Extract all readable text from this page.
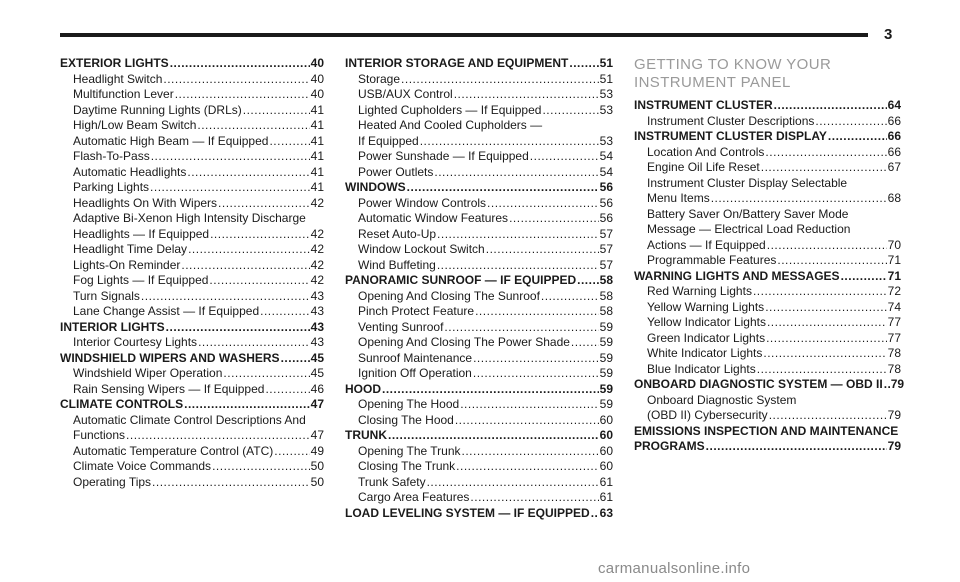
3
EXTERIOR LIGHTS .....	40
Headlight Switch .....	40
Multifunction Lever .....	40
Daytime Running Lights (DRLs) .....	41
High/Low Beam Switch .....	41
Automatic High Beam — If Equipped .....	41
Flash-To-Pass .....	41
Automatic Headlights .....	41
Parking Lights .....	41
Headlights On With Wipers .....	42
Adaptive Bi-Xenon High Intensity Discharge
Headlights — If Equipped .....	42
Headlight Time Delay .....	42
Lights-On Reminder .....	42
Fog Lights — If Equipped .....	42
Turn Signals .....	43
Lane Change Assist — If Equipped .....	43
INTERIOR LIGHTS .....	43
Interior Courtesy Lights .....	43
WINDSHIELD WIPERS AND WASHERS .....	45
Windshield Wiper Operation .....	45
Rain Sensing Wipers — If Equipped .....	46
CLIMATE CONTROLS .....	47
Automatic Climate Control Descriptions And
Functions .....	47
Automatic Temperature Control (ATC) .....	49
Climate Voice Commands .....	50
Operating Tips .....	50
INTERIOR STORAGE AND EQUIPMENT .....	51
Storage .....	51
USB/AUX Control .....	53
Lighted Cupholders — If Equipped .....	53
Heated And Cooled Cupholders —
If Equipped .....	53
Power Sunshade — If Equipped .....	54
Power Outlets .....	54
WINDOWS .....	56
Power Window Controls .....	56
Automatic Window Features .....	56
Reset Auto-Up .....	57
Window Lockout Switch .....	57
Wind Buffeting .....	57
PANORAMIC SUNROOF — IF EQUIPPED ..... 58
Opening And Closing The Sunroof .....	58
Pinch Protect Feature .....	58
Venting Sunroof .....	59
Opening And Closing The Power Shade ..... 59
Sunroof Maintenance .....	59
Ignition Off Operation .....	59
HOOD .....	59
Opening The Hood .....	59
Closing The Hood .....	60
TRUNK .....	60
Opening The Trunk .....	60
Closing The Trunk .....	60
Trunk Safety .....	61
Cargo Area Features .....	61
LOAD LEVELING SYSTEM — IF EQUIPPED ..... 63
GETTING TO KNOW YOUR
INSTRUMENT PANEL
INSTRUMENT CLUSTER .....	64
Instrument Cluster Descriptions .....	66
INSTRUMENT CLUSTER DISPLAY .....	66
Location And Controls .....	66
Engine Oil Life Reset .....	67
Instrument Cluster Display Selectable
Menu Items .....	68
Battery Saver On/Battery Saver Mode
Message — Electrical Load Reduction
Actions — If Equipped .....	70
Programmable Features .....	71
WARNING LIGHTS AND MESSAGES .....	71
Red Warning Lights .....	72
Yellow Warning Lights .....	74
Yellow Indicator Lights .....	77
Green Indicator Lights .....	77
White Indicator Lights .....	78
Blue Indicator Lights .....	78
ONBOARD DIAGNOSTIC SYSTEM — OBD II ..... 79
Onboard Diagnostic System
(OBD II) Cybersecurity .....	79
EMISSIONS INSPECTION AND MAINTENANCE
PROGRAMS .....	79
carmanualsonline.info
